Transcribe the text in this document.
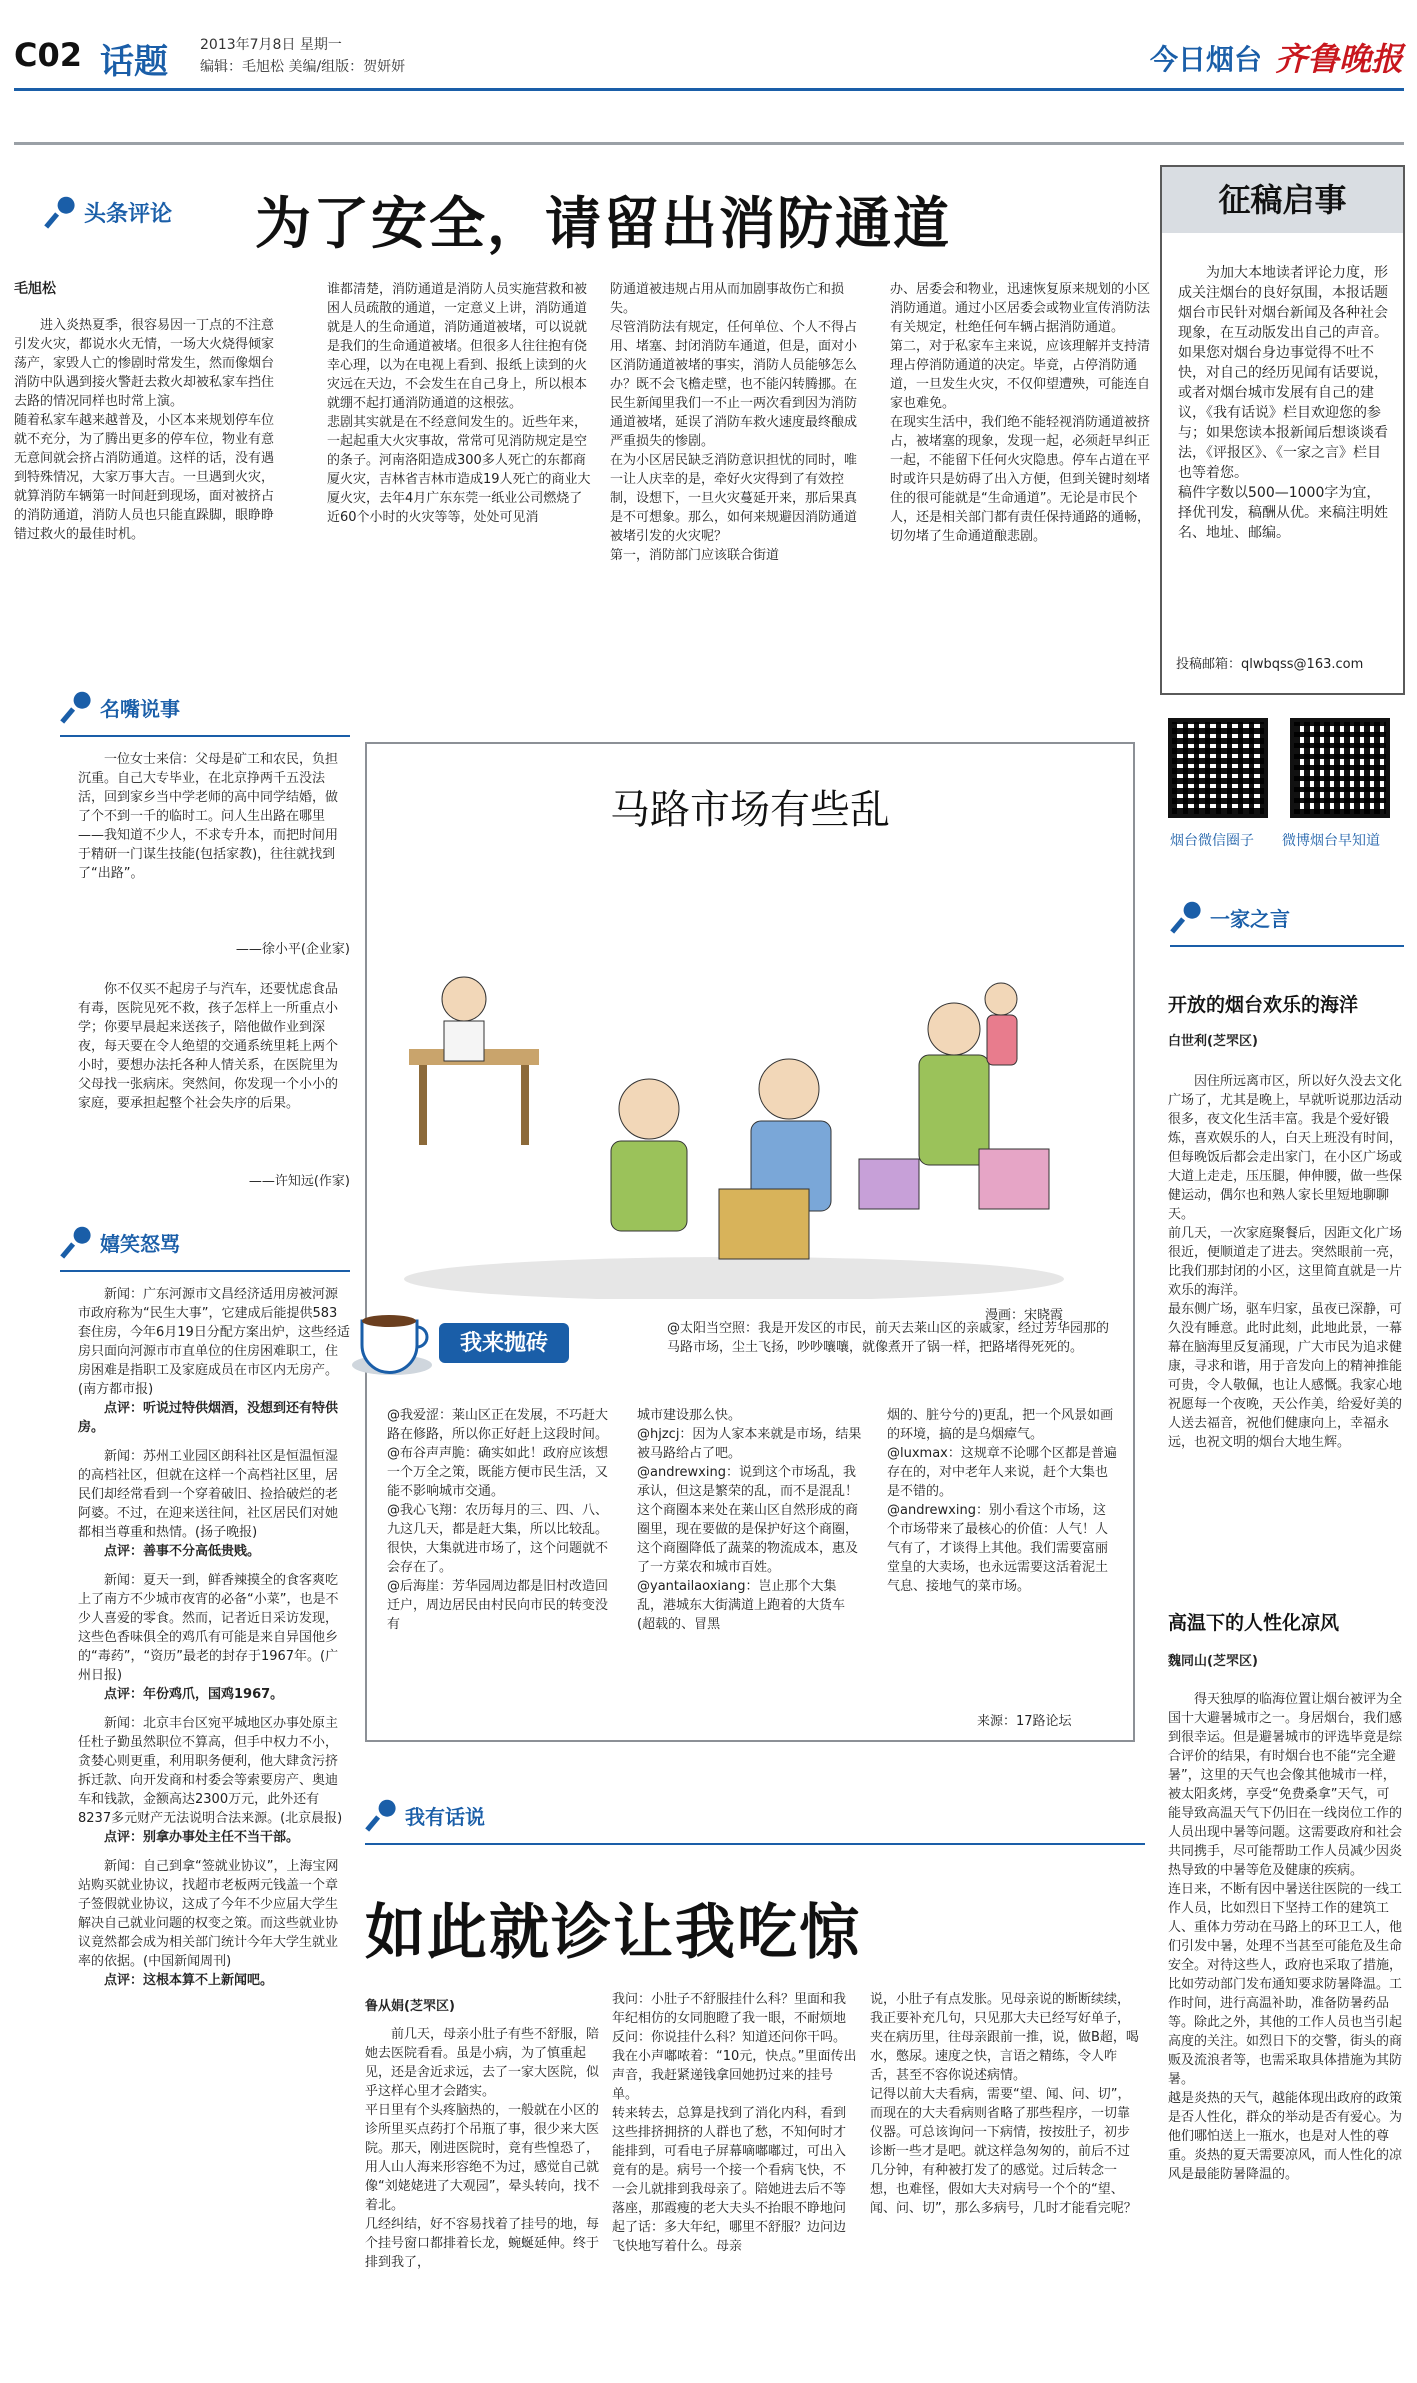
C02 话题 2013年7月8日 星期一
编辑：毛旭松 美编/组版：贺妍妍	今日烟台 齐鲁晚报
头条评论 为了安全，请留出消防通道
毛旭松
进入炎热夏季，很容易因一丁点的不注意引发火灾，都说水火无情，一场大火烧得倾家荡产，家毁人亡的惨剧时常发生，然而像烟台消防中队遇到接火警赶去救火却被私家车挡住去路的情况同样也时常上演。
随着私家车越来越普及，小区本来规划停车位就不充分，为了腾出更多的停车位，物业有意无意间就会挤占消防通道。这样的话，没有遇到特殊情况，大家万事大吉。一旦遇到火灾，就算消防车辆第一时间赶到现场，面对被挤占的消防通道，消防人员也只能直跺脚，眼睁睁错过救火的最佳时机。
谁都清楚，消防通道是消防人员实施营救和被困人员疏散的通道，一定意义上讲，消防通道就是人的生命通道，消防通道被堵，可以说就是我们的生命通道被堵。但很多人往往抱有侥幸心理，以为在电视上看到、报纸上读到的火灾远在天边，不会发生在自己身上，所以根本就绷不起打通消防通道的这根弦。
悲剧其实就是在不经意间发生的。近些年来，一起起重大火灾事故，常常可见消防规定是空的条子。河南洛阳造成300多人死亡的东都商厦火灾，吉林省吉林市造成19人死亡的商业大厦火灾，去年4月广东东莞一纸业公司燃烧了近60个小时的火灾等等，处处可见消
防通道被违规占用从而加剧事故伤亡和损失。
尽管消防法有规定，任何单位、个人不得占用、堵塞、封闭消防车通道，但是，面对小区消防通道被堵的事实，消防人员能够怎么办？既不会飞檐走壁，也不能闪转腾挪。在民生新闻里我们一不止一两次看到因为消防通道被堵，延误了消防车救火速度最终酿成严重损失的惨剧。
在为小区居民缺乏消防意识担忧的同时，唯一让人庆幸的是，牵好火灾得到了有效控制，设想下，一旦火灾蔓延开来，那后果真是不可想象。那么，如何来规避因消防通道被堵引发的火灾呢？
第一，消防部门应该联合街道
办、居委会和物业，迅速恢复原来规划的小区消防通道。通过小区居委会或物业宣传消防法有关规定，杜绝任何车辆占据消防通道。
第二，对于私家车主来说，应该理解并支持清理占停消防通道的决定。毕竟，占停消防通道，一旦发生火灾，不仅仰望遭殃，可能连自家也难免。
在现实生活中，我们绝不能轻视消防通道被挤占，被堵塞的现象，发现一起，必须赶早纠正一起，不能留下任何火灾隐患。停车占道在平时或许只是妨碍了出入方便，但到关键时刻堵住的很可能就是“生命通道”。无论是市民个人，还是相关部门都有责任保持通路的通畅，切勿堵了生命通道酿悲剧。
征稿启事
为加大本地读者评论力度，形成关注烟台的良好氛围，本报话题烟台市民针对烟台新闻及各种社会现象，在互动版发出自己的声音。
如果您对烟台身边事觉得不吐不快，对自己的经历见闻有话要说，或者对烟台城市发展有自己的建议，《我有话说》栏目欢迎您的参与；如果您读本报新闻后想谈谈看法，《评报区》、《一家之言》栏目也等着您。
稿件字数以500—1000字为宜，择优刊发，稿酬从优。来稿注明姓名、地址、邮编。
投稿邮箱：qlwbqss@163.com
烟台微信圈子 微博烟台早知道
一家之言
开放的烟台欢乐的海洋
白世利(芝罘区)
因住所远离市区，所以好久没去文化广场了，尤其是晚上，早就听说那边活动很多，夜文化生活丰富。我是个爱好锻炼，喜欢娱乐的人，白天上班没有时间，但每晚饭后都会走出家门，在小区广场或大道上走走，压压腿，伸伸腰，做一些保健运动，偶尔也和熟人家长里短地聊聊天。
前几天，一次家庭聚餐后，因距文化广场很近，便顺道走了进去。突然眼前一亮，比我们那封闭的小区，这里简直就是一片欢乐的海洋。
最东侧广场，驱车归家，虽夜已深静，可久没有睡意。此时此刻，此地此景，一幕幕在脑海里反复涌现，广大市民为追求健康，寻求和谐，用于音发向上的精神推能可贵，令人敬佩，也让人感慨。我家心地祝愿每一个夜晚，天公作美，给爱好美的人送去福音，祝他们健康向上，幸福永远，也祝文明的烟台大地生辉。
高温下的人性化凉风
魏同山(芝罘区)
得天独厚的临海位置让烟台被评为全国十大避暑城市之一。身居烟台，我们感到很幸运。但是避暑城市的评选毕竟是综合评价的结果，有时烟台也不能“完全避暑”，这里的天气也会像其他城市一样，被太阳炙烤，享受“免费桑拿”天气，可能导致高温天气下仍旧在一线岗位工作的人员出现中暑等问题。这需要政府和社会共同携手，尽可能帮助工作人员减少因炎热导致的中暑等危及健康的疾病。
连日来，不断有因中暑送往医院的一线工作人员，比如烈日下坚持工作的建筑工人、重体力劳动在马路上的环卫工人，他们引发中暑，处理不当甚至可能危及生命安全。对待这些人，政府也采取了措施，比如劳动部门发布通知要求防暑降温。工作时间，进行高温补助，准备防暑药品等。除此之外，其他的工作人员也当引起高度的关注。如烈日下的交警，街头的商贩及流浪者等，也需采取具体措施为其防暑。
越是炎热的天气，越能体现出政府的政策是否人性化，群众的举动是否有爱心。为他们哪怕送上一瓶水，也是对人性的尊重。炎热的夏天需要凉风，而人性化的凉风是最能防暑降温的。
名嘴说事
一位女士来信：父母是矿工和农民，负担沉重。自己大专毕业，在北京挣两千五没法活，回到家乡当中学老师的高中同学结婚，做了个不到一千的临时工。问人生出路在哪里——我知道不少人，不求专升本，而把时间用于精研一门谋生技能(包括家教)，往往就找到了“出路”。
——徐小平(企业家)
你不仅买不起房子与汽车，还要忧虑食品有毒，医院见死不救，孩子怎样上一所重点小学；你要早晨起来送孩子，陪他做作业到深夜，每天要在令人绝望的交通系统里耗上两个小时，要想办法托各种人情关系，在医院里为父母找一张病床。突然间，你发现一个小小的家庭，要承担起整个社会失序的后果。
——许知远(作家)
嬉笑怒骂
新闻：广东河源市文昌经济适用房被河源市政府称为“民生大事”，它建成后能提供583套住房，今年6月19日分配方案出炉，这些经适房只面向河源市市直单位的住房困难职工，住房困难是指职工及家庭成员在市区内无房产。(南方都市报)
点评：听说过特供烟酒，没想到还有特供房。
新闻：苏州工业园区朗科社区是恒温恒湿的高档社区，但就在这样一个高档社区里，居民们却经常看到一个穿着破旧、捡拾破烂的老阿婆。不过，在迎来送往间，社区居民们对她都相当尊重和热情。(扬子晚报)
点评：善事不分高低贵贱。
新闻：夏天一到，鲜香辣摸全的食客爽吃上了南方不少城市夜宵的必备“小菜”，也是不少人喜爱的零食。然而，记者近日采访发现，这些色香味俱全的鸡爪有可能是来自异国他乡的“毒药”，“资历”最老的封存于1967年。(广州日报)
点评：年份鸡爪，国鸡1967。
新闻：北京丰台区宛平城地区办事处原主任杜子勤虽然职位不算高，但手中权力不小，贪婪心则更重，利用职务便利，他大肆贪污挤拆迁款、向开发商和村委会等索要房产、奥迪车和钱款，金额高达2300万元，此外还有8237多元财产无法说明合法来源。(北京晨报)
点评：别拿办事处主任不当干部。
新闻：自己到拿“签就业协议”，上海宝网站购买就业协议，找超市老板两元钱盖一个章子签假就业协议，这成了今年不少应届大学生解决自己就业问题的权变之策。而这些就业协议竟然都会成为相关部门统计今年大学生就业率的依据。(中国新闻周刊)
点评：这根本算不上新闻吧。
马路市场有些乱
漫画：宋晓霞
我来抛砖
@太阳当空照：我是开发区的市民，前天去莱山区的亲戚家，经过芳华园那的马路市场，尘土飞扬，吵吵嚷嚷，就像煮开了锅一样，把路堵得死死的。
@我爱涩：莱山区正在发展，不巧赶大路在修路，所以你正好赶上这段时间。
@布谷声声脆：确实如此！政府应该想一个万全之策，既能方便市民生活，又能不影响城市交通。
@我心飞翔：农历每月的三、四、八、九这几天，都是赶大集，所以比较乱。很快，大集就进市场了，这个问题就不会存在了。
@后海崖：芳华园周边都是旧村改造回迁户，周边居民由村民向市民的转变没有
城市建设那么快。
@hjzcj：因为人家本来就是市场，结果被马路给占了吧。
@andrewxing：说到这个市场乱，我承认，但这是繁荣的乱，而不是混乱！这个商圈本来处在莱山区自然形成的商圈里，现在要做的是保护好这个商圈，这个商圈降低了蔬菜的物流成本，惠及了一方菜农和城市百姓。
@yantailaoxiang：岂止那个大集乱，港城东大街满道上跑着的大货车(超载的、冒黑
烟的、脏兮兮的)更乱，把一个风景如画的环境，搞的是乌烟瘴气。
@luxmax：这规章不论哪个区都是普遍存在的，对中老年人来说，赶个大集也是不错的。
@andrewxing：别小看这个市场，这个市场带来了最核心的价值：人气！人气有了，才谈得上其他。我们需要富丽堂皇的大卖场，也永远需要这活着泥土气息、接地气的菜市场。
来源：17路论坛
我有话说
如此就诊让我吃惊
鲁从娟(芝罘区)
前几天，母亲小肚子有些不舒服，陪她去医院看看。虽是小病，为了慎重起见，还是舍近求远，去了一家大医院，似乎这样心里才会踏实。
平日里有个头疼脑热的，一般就在小区的诊所里买点药打个吊瓶了事，很少来大医院。那天，刚进医院时，竟有些惶恐了，用人山人海来形容绝不为过，感觉自己就像“刘姥姥进了大观园”，晕头转向，找不着北。
几经纠结，好不容易找着了挂号的地，每个挂号窗口都排着长龙，蜿蜒延伸。终于排到我了，
我问：小肚子不舒服挂什么科？里面和我年纪相仿的女同胞瞪了我一眼，不耐烦地反问：你说挂什么科？知道还问你干吗。我在小声嘟哝着：“10元，快点。”里面传出声音，我赶紧递钱拿回她扔过来的挂号单。
转来转去，总算是找到了消化内科，看到这些排挤拥挤的人群也了愁，不知何时才能排到，可看电子屏幕嘀嘟嘟过，可出入竟有的是。病号一个接一个看病飞快，不一会儿就排到我母亲了。陪她进去后不等落座，那霞瘦的老大夫头不抬眼不睁地问起了话：多大年纪，哪里不舒服？边问边飞快地写着什么。母亲
说，小肚子有点发胀。见母亲说的断断续续，我正要补充几句，只见那大夫已经写好单子，夹在病历里，往母亲跟前一推，说，做B超，喝水，憋尿。速度之快，言语之精练，令人咋舌，甚至不容你说述病情。
记得以前大夫看病，需要“望、闻、问、切”，而现在的大夫看病则省略了那些程序，一切靠仪器。可总该询问一下病情，按按肚子，初步诊断一些才是吧。就这样急匆匆的，前后不过几分钟，有种被打发了的感觉。过后转念一想，也难怪，假如大夫对病号一个个的“望、闻、问、切”，那么多病号，几时才能看完呢？
